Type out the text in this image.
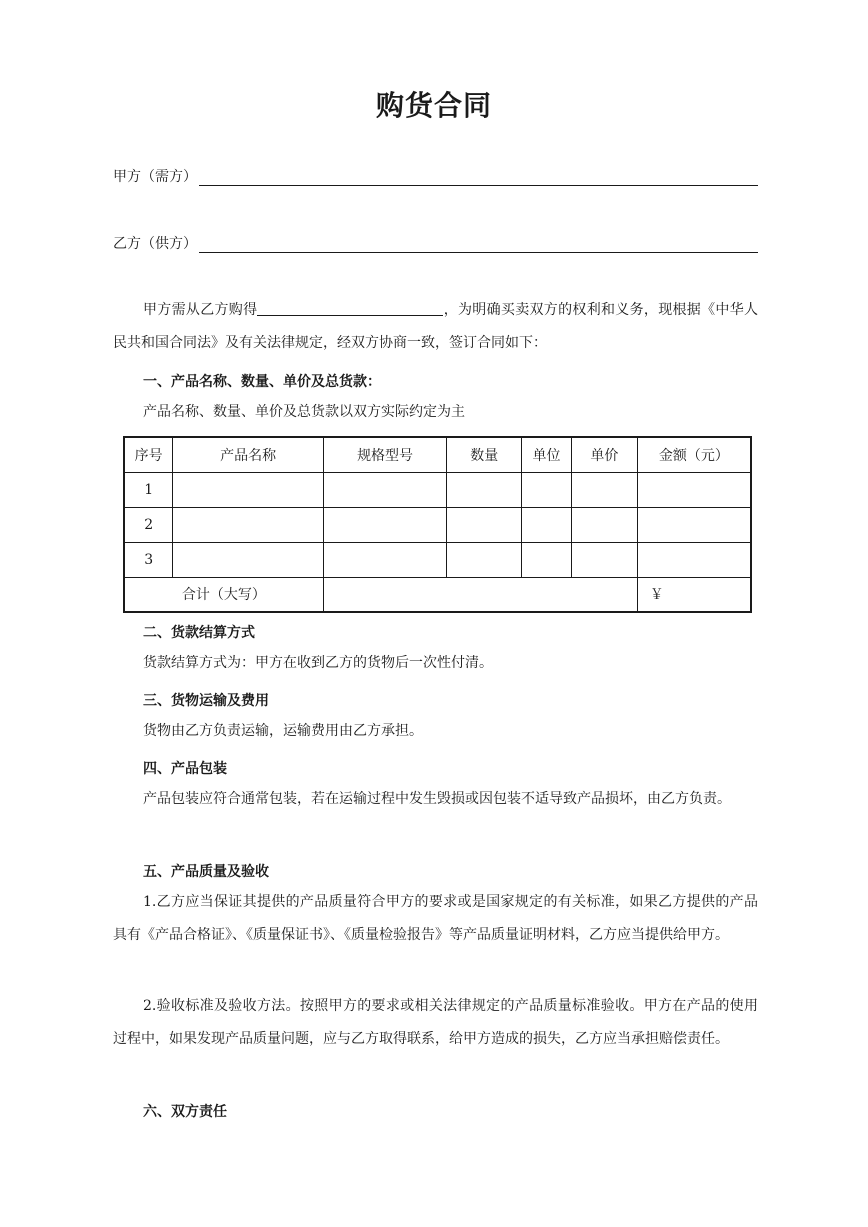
购货合同
甲方（需方）
乙方（供方）

甲方需从乙方购得	，为明确买卖双方的权利和义务，现根据《中华人民共和国合同法》及有关法律规定，经双方协商一致，签订合同如下：

一、产品名称、数量、单价及总货款：

产品名称、数量、单价及总货款以双方实际约定为主

序号	产品名称	规格型号	数量	单位	单价	金额（元）
1						
2						
3						
合计（大写）						￥

二、货款结算方式

货款结算方式为：甲方在收到乙方的货物后一次性付清。

三、货物运输及费用

货物由乙方负责运输，运输费用由乙方承担。

四、产品包装

产品包装应符合通常包装，若在运输过程中发生毁损或因包装不适导致产品损坏，由乙方负责。

五、产品质量及验收

1.乙方应当保证其提供的产品质量符合甲方的要求或是国家规定的有关标准，如果乙方提供的产品具有《产品合格证》、《质量保证书》、《质量检验报告》等产品质量证明材料，乙方应当提供给甲方。

2.验收标准及验收方法。按照甲方的要求或相关法律规定的产品质量标准验收。甲方在产品的使用过程中，如果发现产品质量问题，应与乙方取得联系，给甲方造成的损失，乙方应当承担赔偿责任。

六、双方责任
